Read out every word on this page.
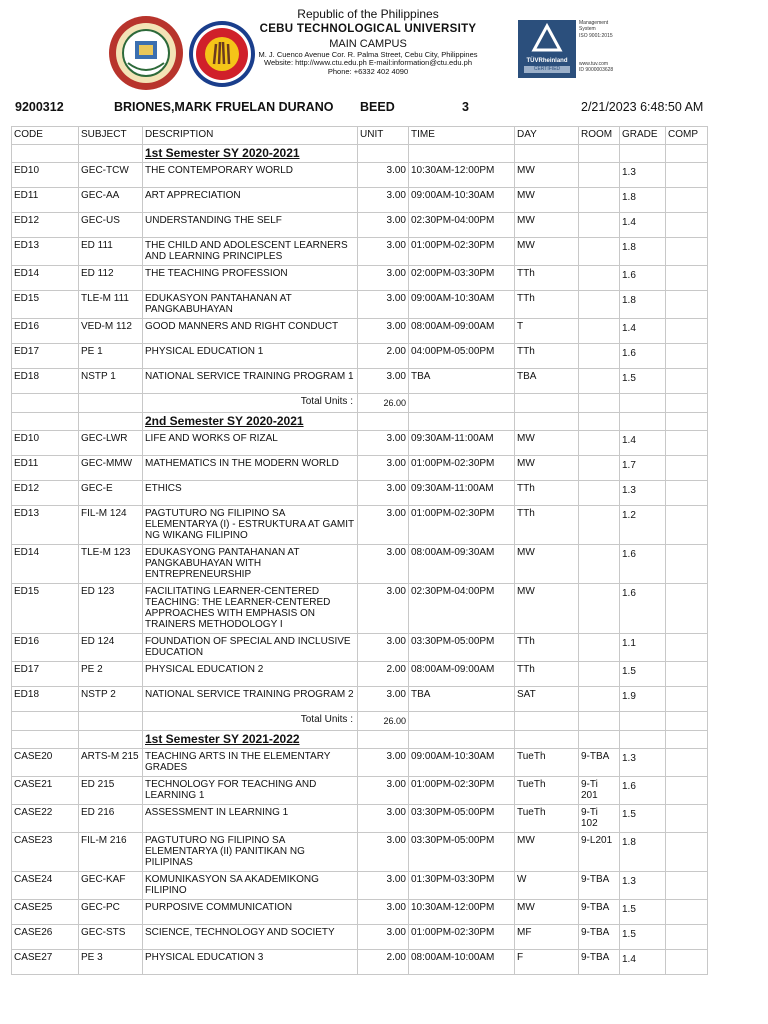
Republic of the Philippines
CEBU TECHNOLOGICAL UNIVERSITY
MAIN CAMPUS
M. J. Cuenco Avenue Cor. R. Palma Street, Cebu City, Philippines
Website: http://www.ctu.edu.ph E-mail:information@ctu.edu.ph
Phone: +6332 402 4090
TÜVRheinland
CERTIFIED
Management
System
ISO 9001:2015
www.tuv.com
ID 9000003628
9200312	BRIONES,MARK FRUELAN DURANO BEED	3	2/21/2023 6:48:50 AM
CODE	SUBJECT	DESCRIPTION	UNIT	TIME	DAY	ROOM	GRADE	COMP
		1st Semester SY 2020-2021						
ED10	GEC-TCW	THE CONTEMPORARY WORLD	3.00	10:30AM-12:00PM	MW		1.3	
ED11	GEC-AA	ART APPRECIATION	3.00	09:00AM-10:30AM	MW		1.8	
ED12	GEC-US	UNDERSTANDING THE SELF	3.00	02:30PM-04:00PM	MW		1.4	
ED13	ED 111	THE CHILD AND ADOLESCENT LEARNERS AND LEARNING PRINCIPLES	3.00	01:00PM-02:30PM	MW		1.8	
ED14	ED 112	THE TEACHING PROFESSION	3.00	02:00PM-03:30PM	TTh		1.6	
ED15	TLE-M 111	EDUKASYON PANTAHANAN AT PANGKABUHAYAN	3.00	09:00AM-10:30AM	TTh		1.8	
ED16	VED-M 112	GOOD MANNERS AND RIGHT CONDUCT	3.00	08:00AM-09:00AM	T		1.4	
ED17	PE 1	PHYSICAL EDUCATION 1	2.00	04:00PM-05:00PM	TTh		1.6	
ED18	NSTP 1	NATIONAL SERVICE TRAINING PROGRAM 1	3.00	TBA	TBA		1.5	
		Total Units :	26.00					
		2nd Semester SY 2020-2021						
ED10	GEC-LWR	LIFE AND WORKS OF RIZAL	3.00	09:30AM-11:00AM	MW		1.4	
ED11	GEC-MMW	MATHEMATICS IN THE MODERN WORLD	3.00	01:00PM-02:30PM	MW		1.7	
ED12	GEC-E	ETHICS	3.00	09:30AM-11:00AM	TTh		1.3	
ED13	FIL-M 124	PAGTUTURO NG FILIPINO SA ELEMENTARYA (I) - ESTRUKTURA AT GAMIT NG WIKANG FILIPINO	3.00	01:00PM-02:30PM	TTh		1.2	
ED14	TLE-M 123	EDUKASYONG PANTAHANAN AT PANGKABUHAYAN WITH ENTREPRENEURSHIP	3.00	08:00AM-09:30AM	MW		1.6	
ED15	ED 123	FACILITATING LEARNER-CENTERED TEACHING: THE LEARNER-CENTERED APPROACHES WITH EMPHASIS ON TRAINERS METHODOLOGY I	3.00	02:30PM-04:00PM	MW		1.6	
ED16	ED 124	FOUNDATION OF SPECIAL AND INCLUSIVE EDUCATION	3.00	03:30PM-05:00PM	TTh		1.1	
ED17	PE 2	PHYSICAL EDUCATION 2	2.00	08:00AM-09:00AM	TTh		1.5	
ED18	NSTP 2	NATIONAL SERVICE TRAINING PROGRAM 2	3.00	TBA	SAT		1.9	
		Total Units :	26.00					
		1st Semester SY 2021-2022						
CASE20	ARTS-M 215	TEACHING ARTS IN THE ELEMENTARY GRADES	3.00	09:00AM-10:30AM	TueTh	9-TBA	1.3	
CASE21	ED 215	TECHNOLOGY FOR TEACHING AND LEARNING 1	3.00	01:00PM-02:30PM	TueTh	9-Ti 201	1.6	
CASE22	ED 216	ASSESSMENT IN LEARNING 1	3.00	03:30PM-05:00PM	TueTh	9-Ti 102	1.5	
CASE23	FIL-M 216	PAGTUTURO NG FILIPINO SA ELEMENTARYA (II) PANITIKAN NG PILIPINAS	3.00	03:30PM-05:00PM	MW	9-L201	1.8	
CASE24	GEC-KAF	KOMUNIKASYON SA AKADEMIKONG FILIPINO	3.00	01:30PM-03:30PM	W	9-TBA	1.3	
CASE25	GEC-PC	PURPOSIVE COMMUNICATION	3.00	10:30AM-12:00PM	MW	9-TBA	1.5	
CASE26	GEC-STS	SCIENCE, TECHNOLOGY AND SOCIETY	3.00	01:00PM-02:30PM	MF	9-TBA	1.5	
CASE27	PE 3	PHYSICAL EDUCATION 3	2.00	08:00AM-10:00AM	F	9-TBA	1.4	
